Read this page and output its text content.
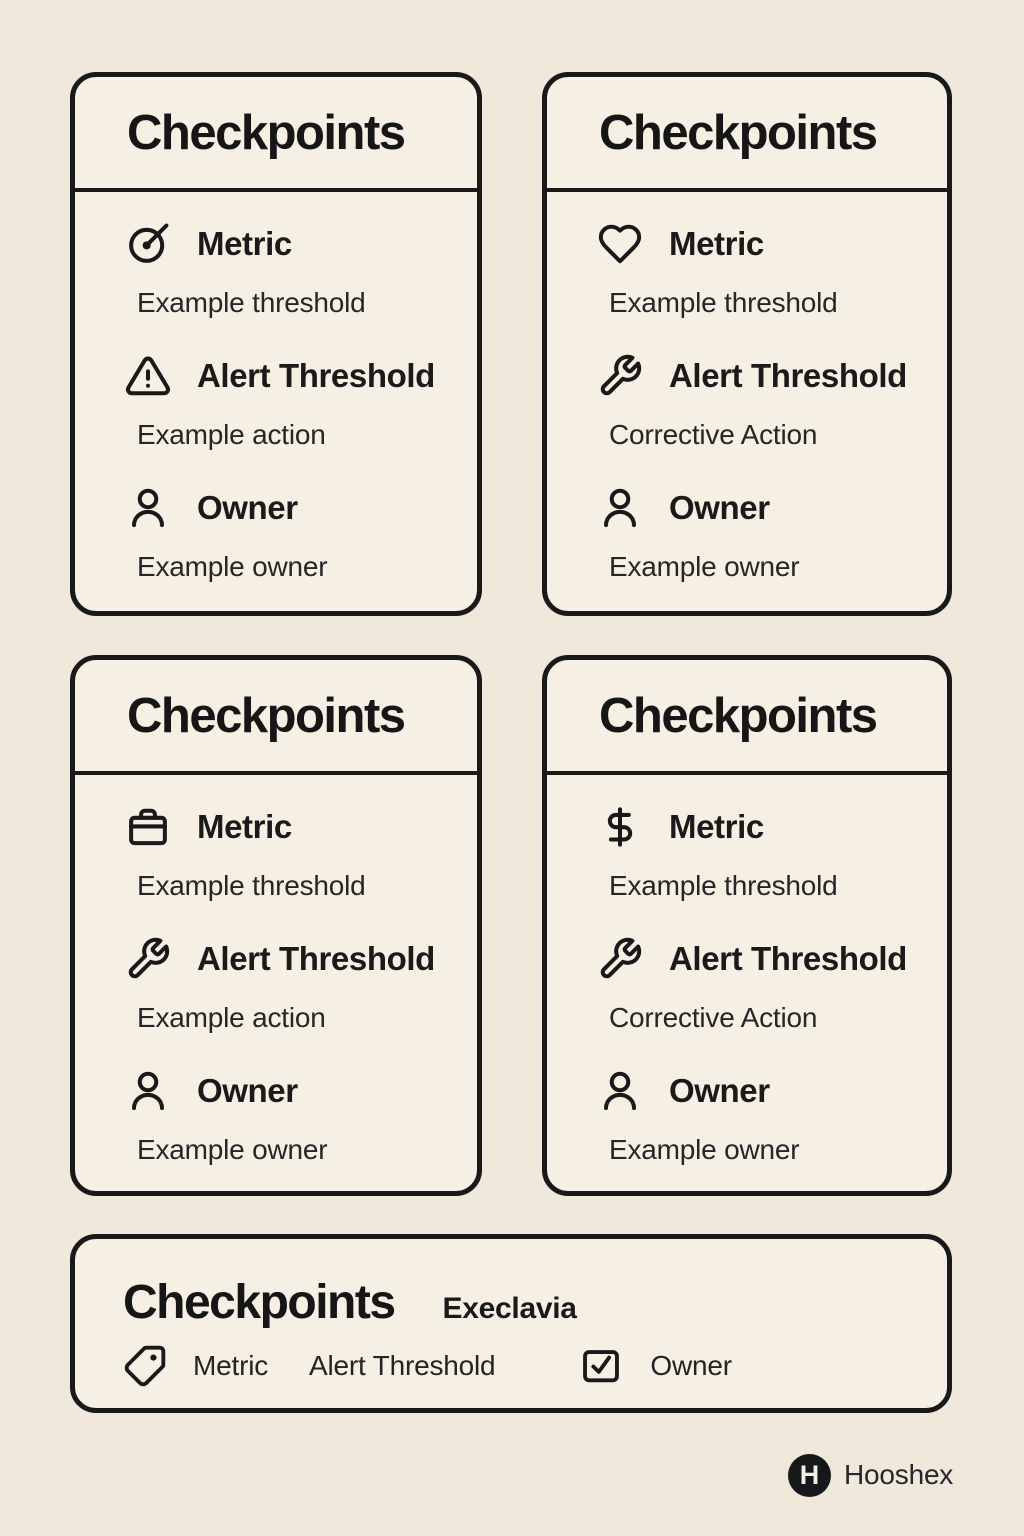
Checkpoints
Metric

Example threshold

Alert Threshold

Example action

Owner

Example owner

Checkpoints
Metric

Example threshold

Alert Threshold

Corrective Action

Owner

Example owner

Checkpoints
Metric

Example threshold

Alert Threshold

Example action

Owner

Example owner

Checkpoints
Metric

Example threshold

Alert Threshold

Corrective Action

Owner

Example owner

Checkpoints Execlavia
Metric Alert Threshold	Owner
H Hooshex
